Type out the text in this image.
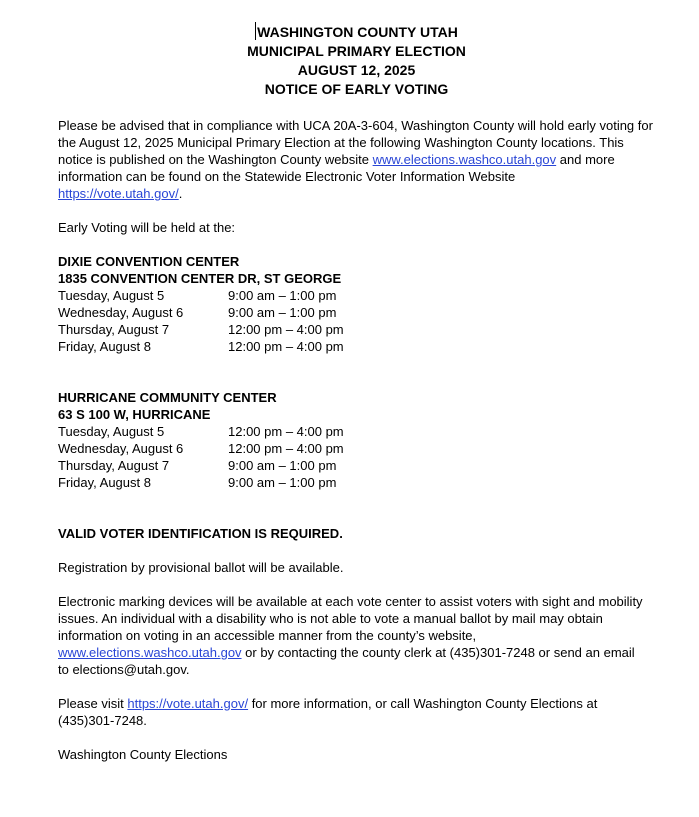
WASHINGTON COUNTY UTAH
MUNICIPAL PRIMARY ELECTION
AUGUST 12, 2025
NOTICE OF EARLY VOTING
Please be advised that in compliance with UCA 20A-3-604, Washington County will hold early voting for
the August 12, 2025 Municipal Primary Election at the following Washington County locations. This
notice is published on the Washington County website www.elections.washco.utah.gov and more
information can be found on the Statewide Electronic Voter Information Website
https://vote.utah.gov/.

Early Voting will be held at the:

DIXIE CONVENTION CENTER
1835 CONVENTION CENTER DR, ST GEORGE
Tuesday, August 5	9:00 am – 1:00 pm
Wednesday, August 6	9:00 am – 1:00 pm
Thursday, August 7	12:00 pm – 4:00 pm
Friday, August 8	12:00 pm – 4:00 pm
HURRICANE COMMUNITY CENTER
63 S 100 W, HURRICANE
Tuesday, August 5	12:00 pm – 4:00 pm
Wednesday, August 6	12:00 pm – 4:00 pm
Thursday, August 7	9:00 am – 1:00 pm
Friday, August 8	9:00 am – 1:00 pm

VALID VOTER IDENTIFICATION IS REQUIRED.

Registration by provisional ballot will be available.

Electronic marking devices will be available at each vote center to assist voters with sight and mobility
issues. An individual with a disability who is not able to vote a manual ballot by mail may obtain
information on voting in an accessible manner from the county’s website,
www.elections.washco.utah.gov or by contacting the county clerk at (435)301-7248 or send an email
to elections@utah.gov.
Please visit https://vote.utah.gov/ for more information, or call Washington County Elections at
(435)301-7248.

Washington County Elections
